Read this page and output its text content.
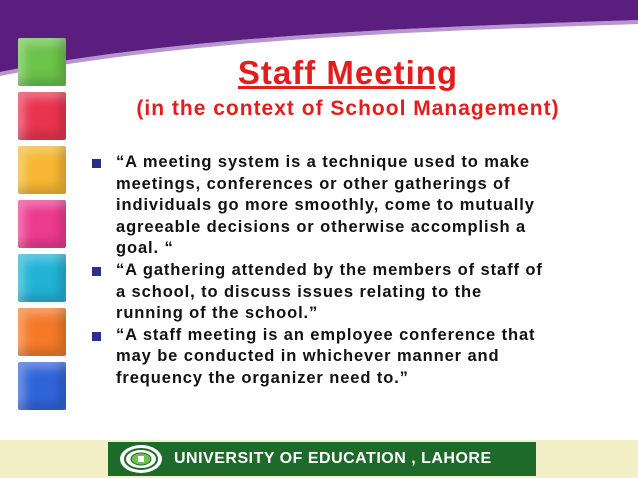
Staff Meeting
(in the context of School Management)
“A meeting system is a technique used to make
meetings, conferences or other gatherings of
individuals go more smoothly, come to mutually
agreeable decisions or otherwise accomplish a
goal. “
“A gathering attended by the members of staff of
a school, to discuss issues relating to the
running of the school.”
“A staff meeting is an employee conference that
may be conducted in whichever manner and
frequency the organizer need to.”
UNIVERSITY OF EDUCATION , LAHORE
